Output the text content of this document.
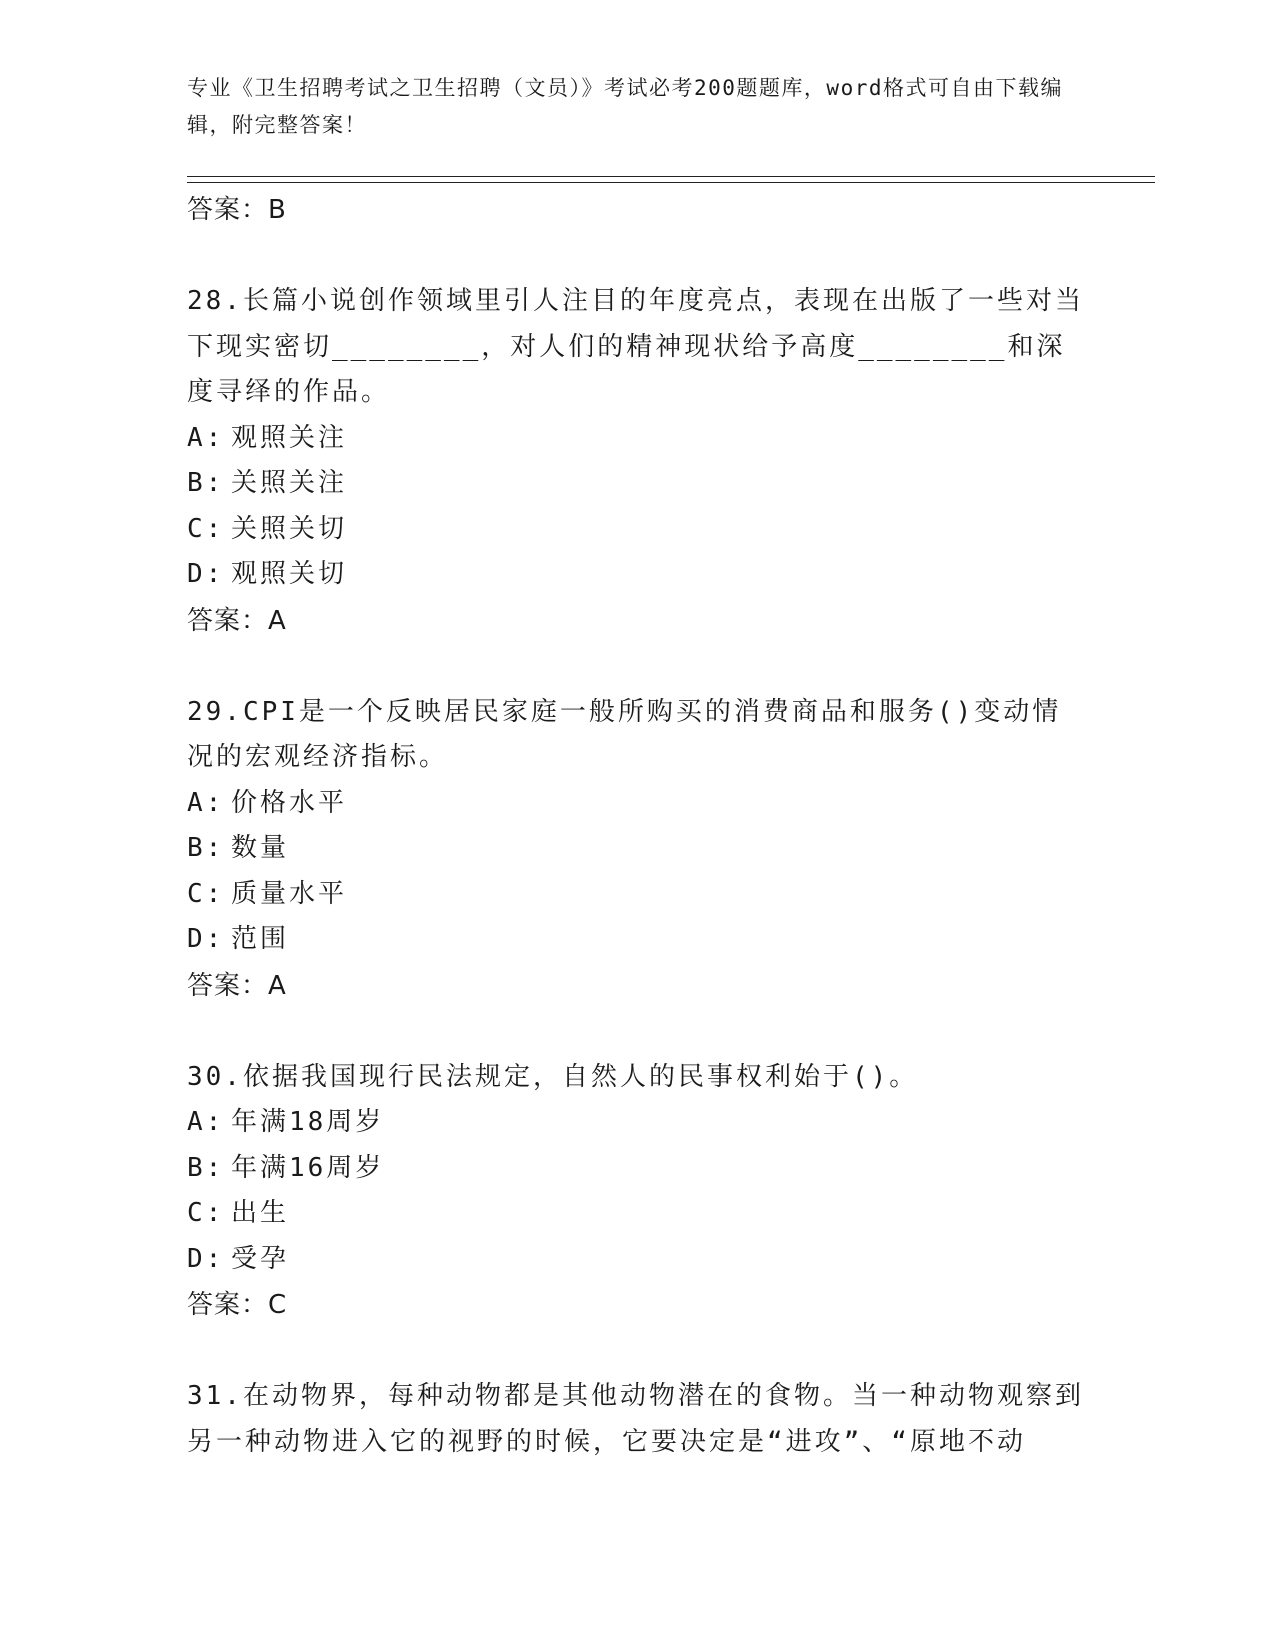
专业《卫生招聘考试之卫生招聘（文员）》考试必考200题题库，word格式可自由下载编辑，附完整答案！
答案：B
28.长篇小说创作领域里引人注目的年度亮点，表现在出版了一些对当下现实密切________，对人们的精神现状给予高度________和深度寻绎的作品。
A: 观照关注
B: 关照关注
C: 关照关切
D: 观照关切
答案：A
29.CPI是一个反映居民家庭一般所购买的消费商品和服务()变动情况的宏观经济指标。
A: 价格水平
B: 数量
C: 质量水平
D: 范围
答案：A
30.依据我国现行民法规定，自然人的民事权利始于()。
A: 年满18周岁
B: 年满16周岁
C: 出生
D: 受孕
答案：C
31.在动物界，每种动物都是其他动物潜在的食物。当一种动物观察到另一种动物进入它的视野的时候，它要决定是“进攻”、“原地不动
